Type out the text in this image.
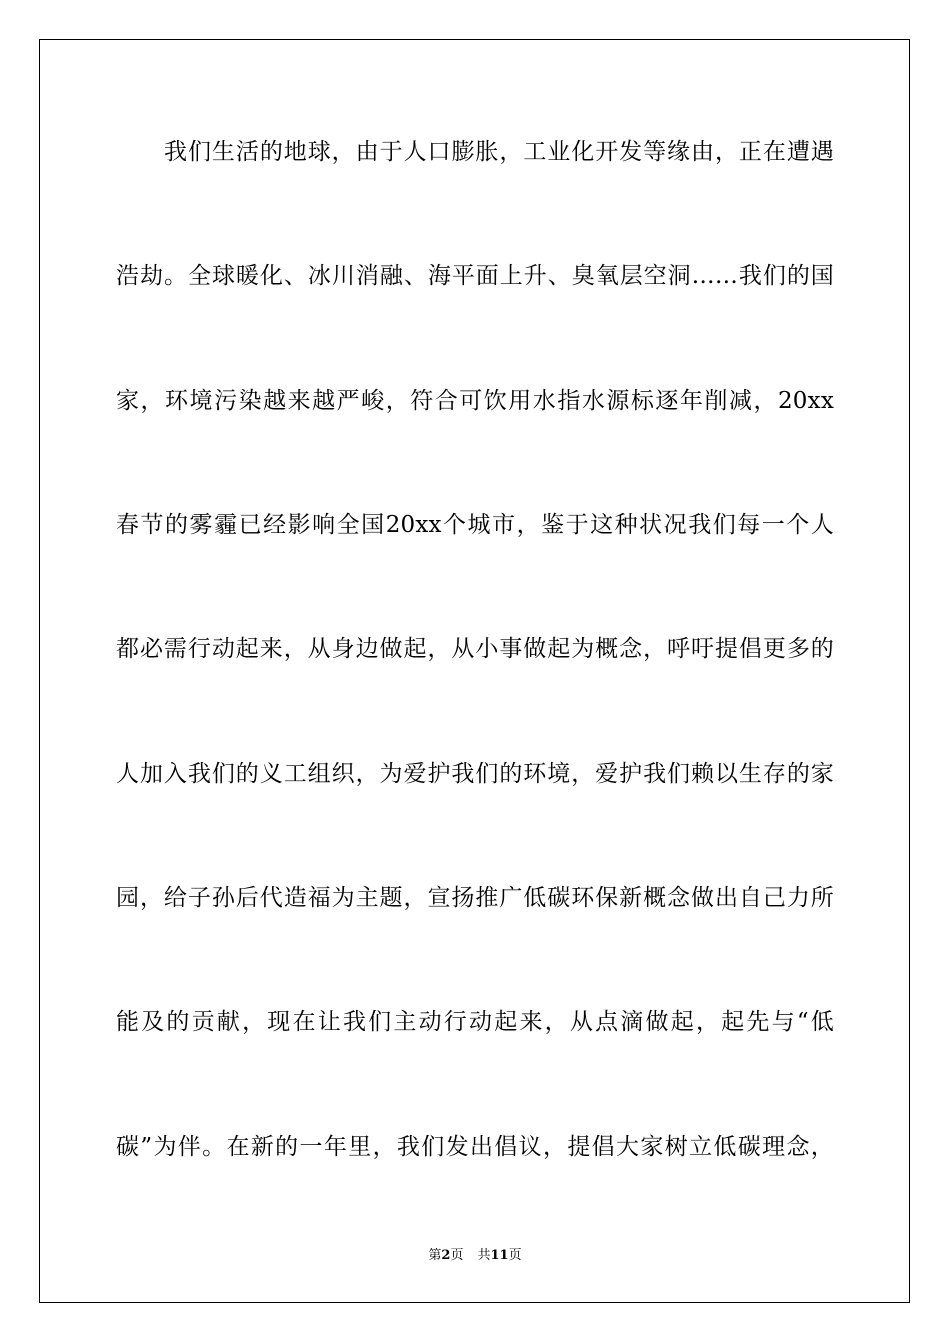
我们生活的地球，由于人口膨胀，工业化开发等缘由，正在遭遇
浩劫。全球暖化、冰川消融、海平面上升、臭氧层空洞……我们的国
家，环境污染越来越严峻，符合可饮用水指水源标逐年削减，20xx
春节的雾霾已经影响全国20xx个城市，鉴于这种状况我们每一个人
都必需行动起来，从身边做起，从小事做起为概念，呼吁提倡更多的
人加入我们的义工组织，为爱护我们的环境，爱护我们赖以生存的家
园，给子孙后代造福为主题，宣扬推广低碳环保新概念做出自己力所
能及的贡献，现在让我们主动行动起来，从点滴做起，起先与“低
碳”为伴。在新的一年里，我们发出倡议，提倡大家树立低碳理念，
第2页 共11页
